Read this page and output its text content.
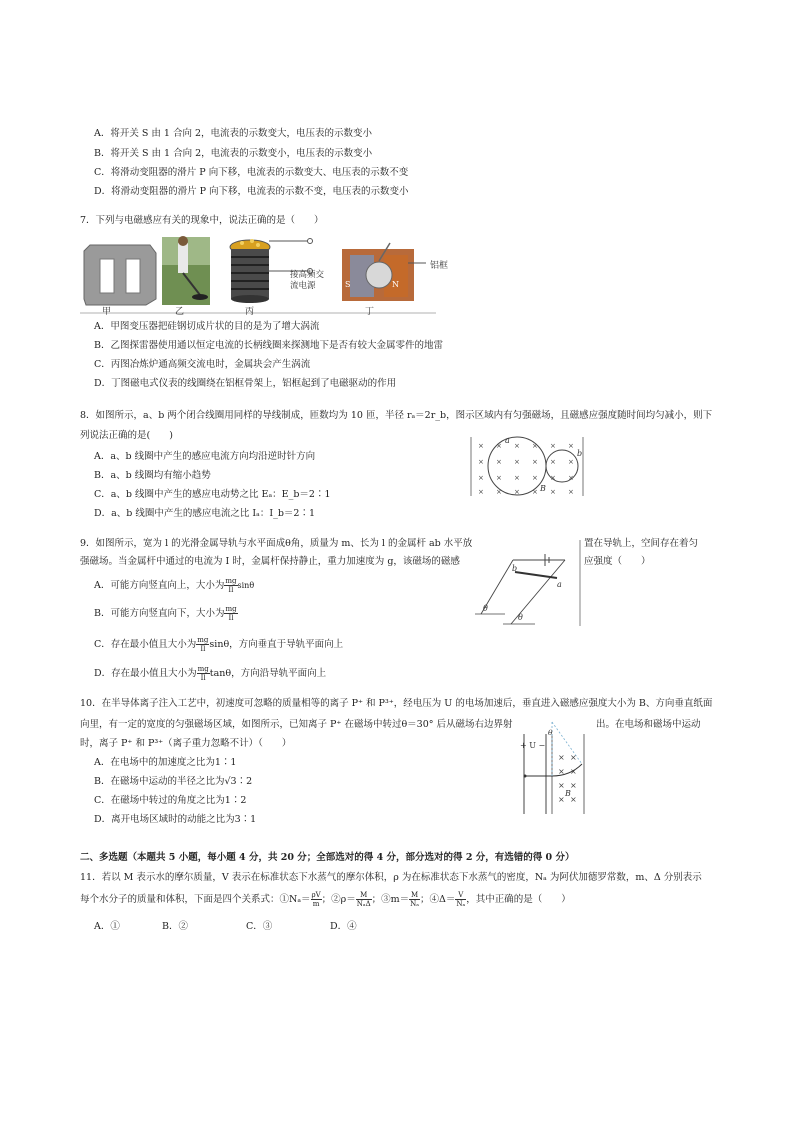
A．将开关 S 由 1 合向 2，电流表的示数变大，电压表的示数变小
B．将开关 S 由 1 合向 2，电流表的示数变小，电压表的示数变小
C．将滑动变阻器的滑片 P 向下移，电流表的示数变大、电压表的示数不变
D．将滑动变阻器的滑片 P 向下移，电流表的示数不变，电压表的示数变小
7．下列与电磁感应有关的现象中，说法正确的是（　　）
接高频交
流电源
铝框
S	N
甲	乙	丙	丁
A．甲图变压器把硅钢切成片状的目的是为了增大涡流
B．乙图探雷器使用通以恒定电流的长柄线圈来探测地下是否有较大金属零件的地雷
C．丙图冶炼炉通高频交流电时，金属块会产生涡流
D．丁图磁电式仪表的线圈绕在铝框骨架上，铝框起到了电磁驱动的作用
8．如图所示，a、b 两个闭合线圈用同样的导线制成，匝数均为 10 匝，半径 rₐ＝2r_b，图示区域内有匀强磁场，且磁感应强度随时间均匀减小，则下
列说法正确的是(　　)
A．a、b 线圈中产生的感应电流方向均沿逆时针方向
B．a、b 线圈均有缩小趋势
C．a、b 线圈中产生的感应电动势之比 Eₐ：E_b＝2∶1
D．a、b 线圈中产生的感应电流之比 Iₐ：I_b＝2∶1
× × × × × ×
× × × × × ×
× × × × × ×
× × × × × ×
a
b
B
9．如图所示，宽为 l 的光滑金属导轨与水平面成θ角，质量为 m、长为 l 的金属杆 ab 水平放	置在导轨上，空间存在着匀
强磁场。当金属杆中通过的电流为 I 时，金属杆保持静止，重力加速度为 g，该磁场的磁感	应强度（　　）
A．可能方向竖直向上，大小为 $\frac{mg}{Il}$ sinθ
B．可能方向竖直向下，大小为 $\frac{mg}{Il}$
C．存在最小值且大小为 $\frac{mg}{Il}$ sinθ，方向垂直于导轨平面向上
D．存在最小值且大小为 $\frac{mg}{Il}$ tanθ，方向沿导轨平面向上
b
a
θ
θ
10．在半导体离子注入工艺中，初速度可忽略的质量相等的离子 P⁺ 和 P³⁺，经电压为 U 的电场加速后，垂直进入磁感应强度大小为 B、方向垂直纸面
向里，有一定的宽度的匀强磁场区域，如图所示，已知离子 P⁺ 在磁场中转过θ＝30° 后从磁场右边界射	出。在电场和磁场中运动
时，离子 P⁺ 和 P³⁺（离子重力忽略不计）（　　）
A．在电场中的加速度之比为1∶1
B．在磁场中运动的半径之比为√3∶2
C．在磁场中转过的角度之比为1∶2
D．离开电场区域时的动能之比为3∶1
× ×
× ×
× ×
× ×
+ U −
θ
B
二、多选题（本题共 5 小题，每小题 4 分，共 20 分；全部选对的得 4 分，部分选对的得 2 分，有选错的得 0 分）
11．若以 M 表示水的摩尔质量，V 表示在标准状态下水蒸气的摩尔体积，ρ 为在标准状态下水蒸气的密度，Nₐ 为阿伏加德罗常数，m、Δ 分别表示
每个水分子的质量和体积，下面是四个关系式：①Nₐ＝ $\frac{\rho V}{m}$ ；②ρ＝ $\frac{M}{\text{NₐΔ}}$ ；③m＝ $\frac{M}{\text{Nₐ}}$ ；④Δ＝ $\frac{V}{\text{Nₐ}}$ ，其中正确的是（　　）
A．①	B．②	C．③	D．④
